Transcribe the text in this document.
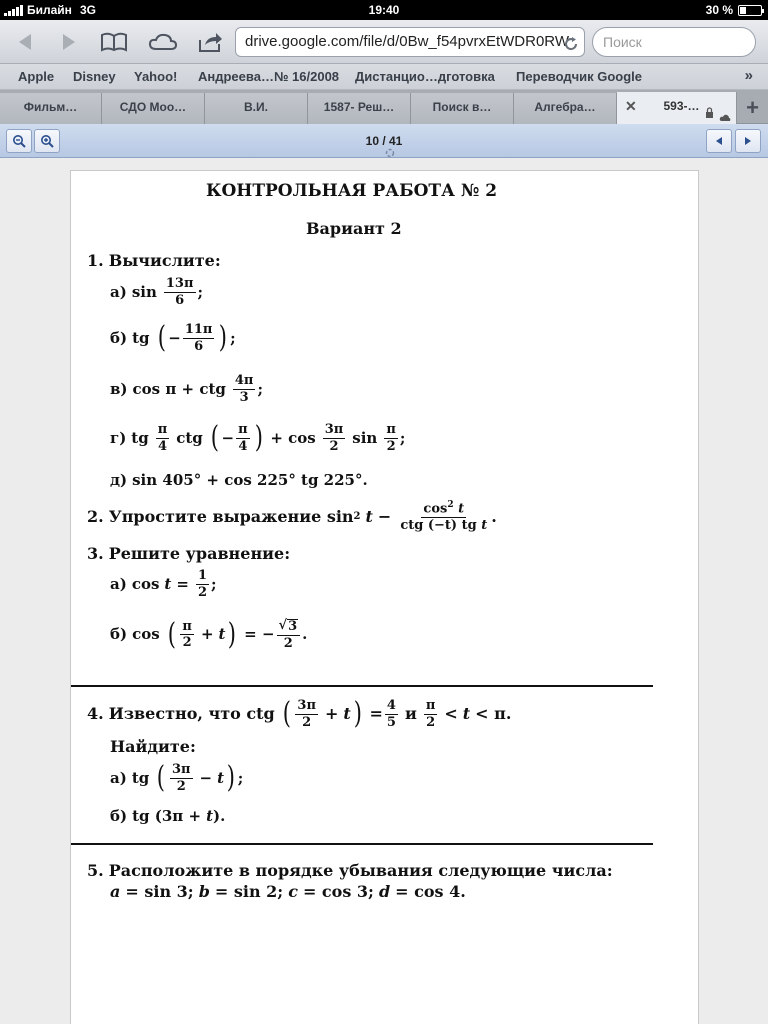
Билайн 3G	19:40	30 %
drive.google.com/file/d/0Bw_f54pvrxEtWDR0RW	Поиск
Apple Disney Yahoo! Андреева…№ 16/2008 Дистанцио…дготовка Переводчик Google	»
Фильм…	СДО Моо…	В.И.	1587- Реш…	Поиск в…	Алгебра…	✕ 593-…	+
10 / 41
КОНТРОЛЬНАЯ РАБОТА № 2
Вариант 2
1. Вычислите:
а) $\sin \frac{13\pi}{6}$ ;
б) tg ( − $\frac{11\pi}{6}$ ) ;
в) cos π + ctg $\frac{4\pi}{3}$ ;
г) tg $\frac{\pi}{4}$ ctg ( − $\frac{\pi}{4}$ ) + $\cos \frac{3\pi}{2}$ $\sin \frac{\pi}{2}$ ;
д) sin 405° + cos 225° tg 225°.
2. Упростите выражение sin 2 $t - \frac{\cos^2 t}{\text{ctg (−t) tg t}}$ .
3. Решите уравнение:
а) $\cos t = \frac{1}{2}$ ;
б) cos ( $\frac{\pi}{2} + t$ ) = − $\frac{√ 3}{2}$ .
4. Известно, что ctg ( $\frac{3\pi}{2} + t$ ) = $\frac{4}{5}$ и $\frac{\pi}{2} < t < \pi$.
Найдите:
а) tg ( $\frac{3\pi}{2} - t$ ) ;
б) tg (3π + t ).
5. Расположите в порядке убывания следующие числа:
a = sin 3; b = sin 2; c = cos 3; d = cos 4.
